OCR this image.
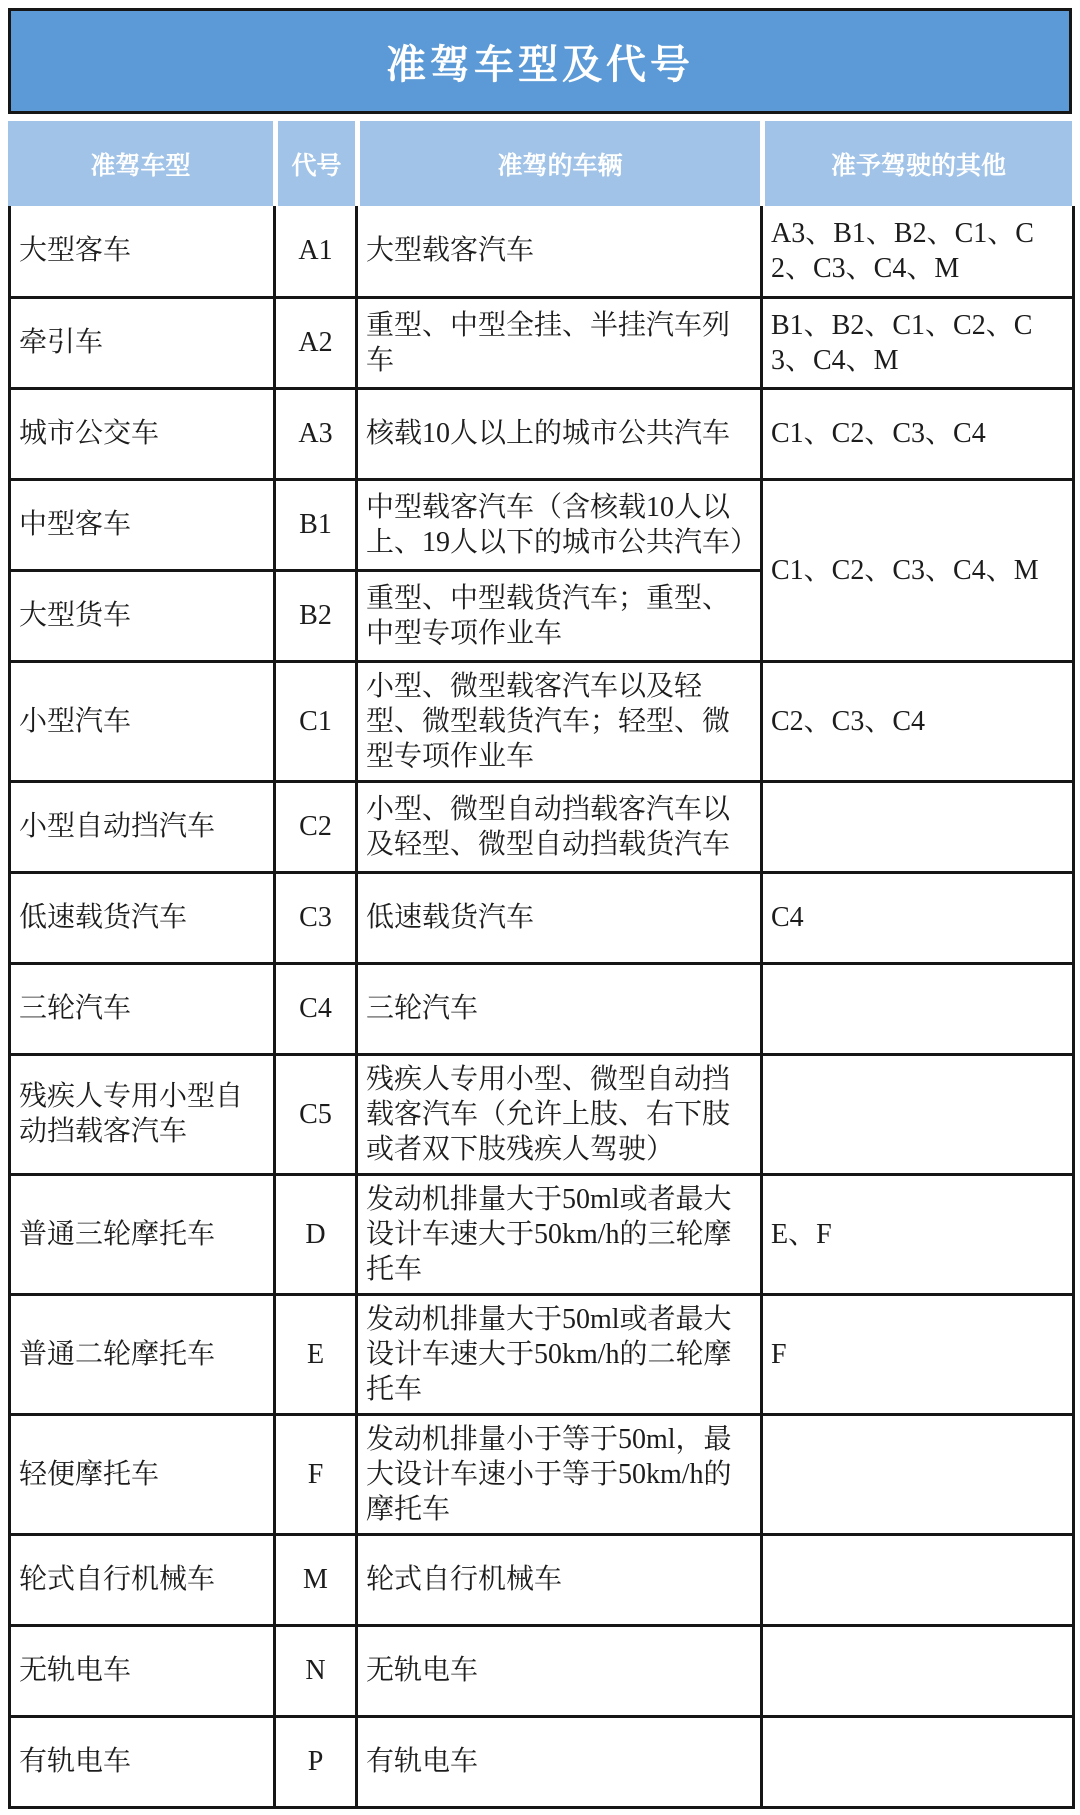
准驾车型及代号
准驾车型	代号	准驾的车辆	准予驾驶的其他
大型客车	A1	大型载客汽车	A3、B1、B2、C1、C2、C3、C4、M
牵引车	A2	重型、中型全挂、半挂汽车列车	B1、B2、C1、C2、C3、C4、M
城市公交车	A3	核载10人以上的城市公共汽车	C1、C2、C3、C4
中型客车	B1	中型载客汽车（含核载10人以上、19人以下的城市公共汽车）	C1、C2、C3、C4、M
大型货车	B2	重型、中型载货汽车；重型、中型专项作业车	
小型汽车	C1	小型、微型载客汽车以及轻型、微型载货汽车；轻型、微型专项作业车	C2、C3、C4
小型自动挡汽车	C2	小型、微型自动挡载客汽车以及轻型、微型自动挡载货汽车	
低速载货汽车	C3	低速载货汽车	C4
三轮汽车	C4	三轮汽车	
残疾人专用小型自动挡载客汽车	C5	残疾人专用小型、微型自动挡载客汽车（允许上肢、右下肢或者双下肢残疾人驾驶）	
普通三轮摩托车	D	发动机排量大于50ml或者最大设计车速大于50km/h的三轮摩托车	E、F
普通二轮摩托车	E	发动机排量大于50ml或者最大设计车速大于50km/h的二轮摩托车	F
轻便摩托车	F	发动机排量小于等于50ml，最大设计车速小于等于50km/h的摩托车	
轮式自行机械车	M	轮式自行机械车	
无轨电车	N	无轨电车	
有轨电车	P	有轨电车	
